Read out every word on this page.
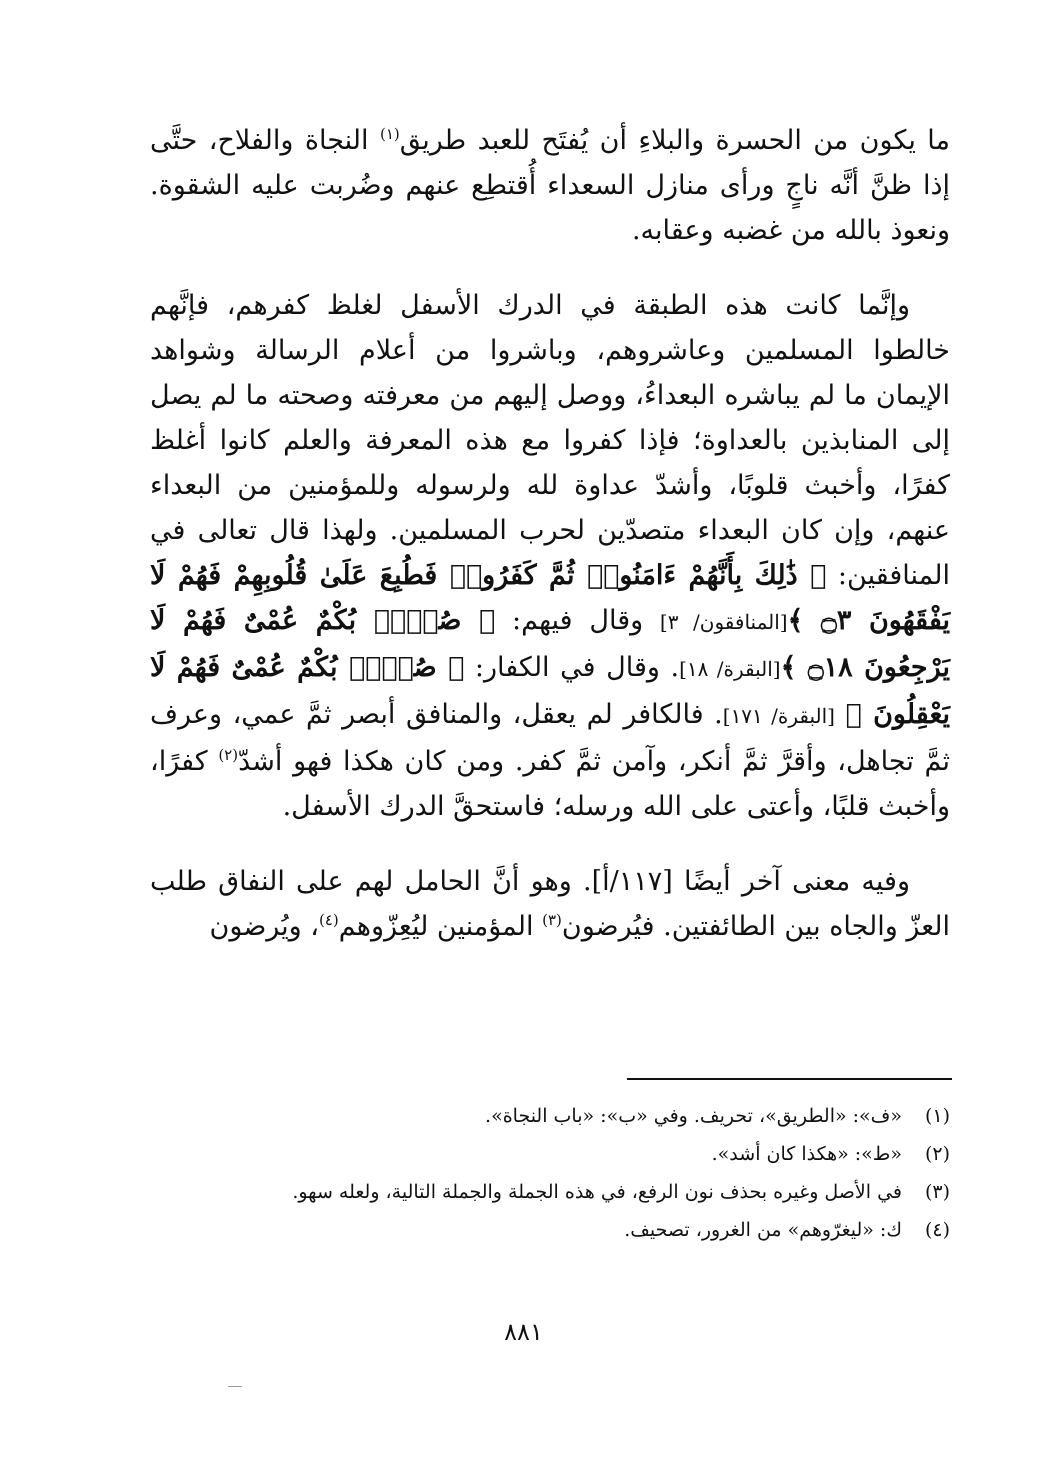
ما يكون من الحسرة والبلاءِ أن يُفتَح للعبد طريق$^{(١)}$ النجاة والفلاح، حتَّى إذا ظنَّ أنَّه ناجٍ ورأى منازل السعداء أُقتطِع عنهم وضُربت عليه الشقوة. ونعوذ بالله من غضبه وعقابه.

وإنَّما كانت هذه الطبقة في الدرك الأسفل لغلظ كفرهم، فإنَّهم خالطوا المسلمين وعاشروهم، وباشروا من أعلام الرسالة وشواهد الإيمان ما لم يباشره البعداءُ، ووصل إليهم من معرفته وصحته ما لم يصل إلى المنابذين بالعداوة؛ فإذا كفروا مع هذه المعرفة والعلم كانوا أغلظ كفرًا، وأخبث قلوبًا، وأشدّ عداوة لله ولرسوله وللمؤمنين من البعداء عنهم، وإن كان البعداء متصدّين لحرب المسلمين. ولهذا قال تعالى في المنافقين: ﴿ ذَٰلِكَ بِأَنَّهُمْ ءَامَنُوا۟ ثُمَّ كَفَرُوا۟ فَطُبِعَ عَلَىٰ قُلُوبِهِمْ فَهُمْ لَا يَفْقَهُونَ ۝٣ ﴾[المنافقون/ ٣] وقال فيهم: ﴿ صُمٌّۢ بُكْمٌ عُمْىٌ فَهُمْ لَا يَرْجِعُونَ ۝١٨ ﴾[البقرة/ ١٨]. وقال في الكفار: ﴿ صُمٌّۢ بُكْمٌ عُمْىٌ فَهُمْ لَا يَعْقِلُونَ ﴾ [البقرة/ ١٧١]. فالكافر لم يعقل، والمنافق أبصر ثمَّ عمي، وعرف ثمَّ تجاهل، وأقرَّ ثمَّ أنكر، وآمن ثمَّ كفر. ومن كان هكذا فهو أشدّ$^{(٢)}$ كفرًا، وأخبث قلبًا، وأعتى على الله ورسله؛ فاستحقَّ الدرك الأسفل.

وفيه معنى آخر أيضًا [١١٧/أ]. وهو أنَّ الحامل لهم على النفاق طلب العزّ والجاه بين الطائفتين. فيُرضون$^{(٣)}$ المؤمنين ليُعِزّوهم$^{(٤)}$، ويُرضون

(١)
«ف»: «الطريق»، تحريف. وفي «ب»: «باب النجاة».
(٢)
«ط»: «هكذا كان أشد».
(٣)
في الأصل وغيره بحذف نون الرفع، في هذه الجملة والجملة التالية، ولعله سهو.
(٤)
ك: «ليغرّوهم» من الغرور، تصحيف.
٨٨١
